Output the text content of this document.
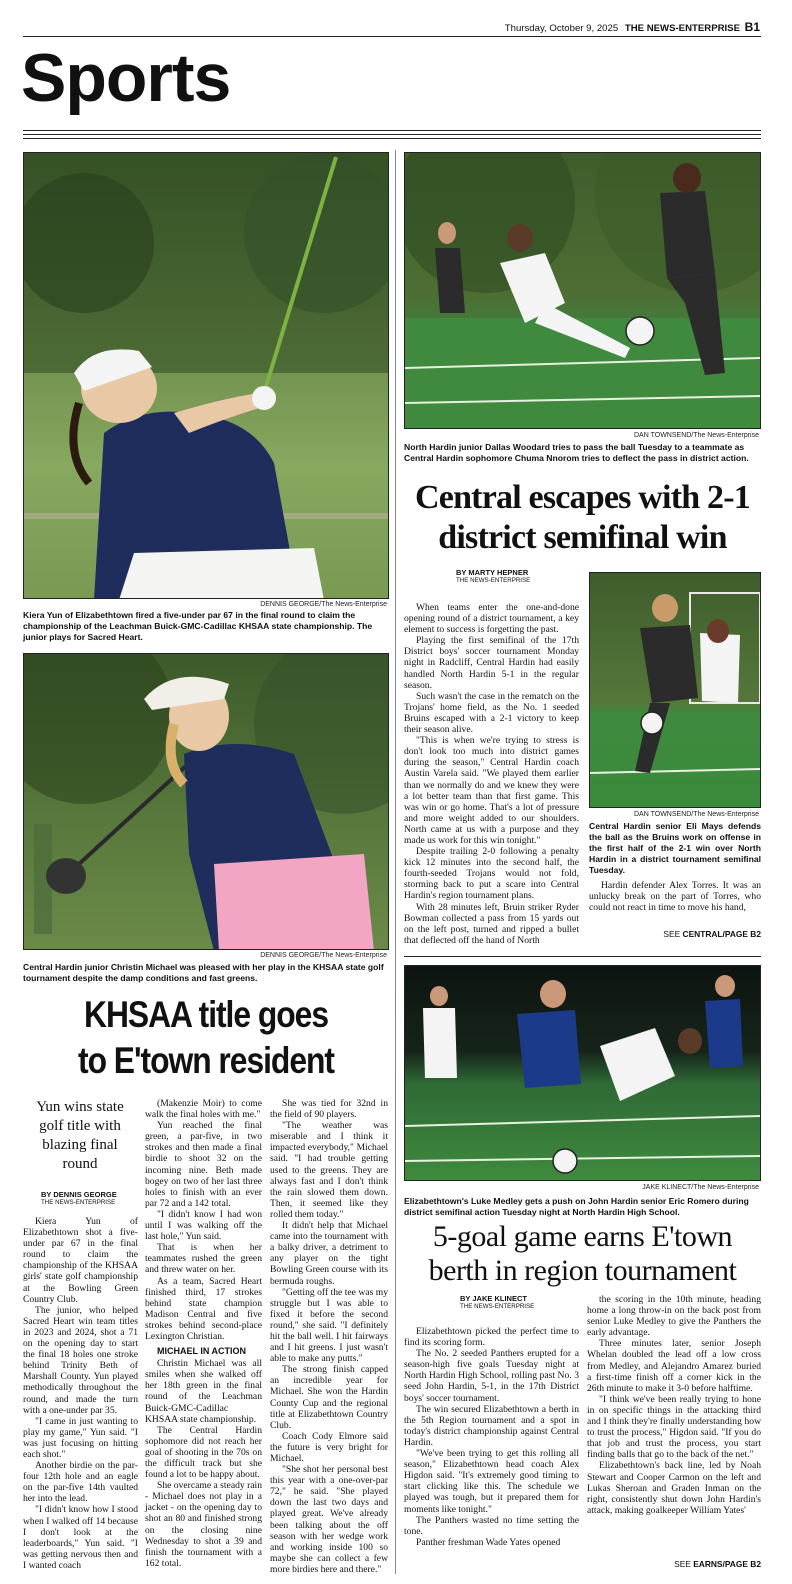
Thursday, October 9, 2025 THE NEWS-ENTERPRISE B1
Sports
DENNIS GEORGE/The News-Enterprise
Kiera Yun of Elizabethtown fired a five-under par 67 in the final round to claim the championship of the Leachman Buick-GMC-Cadillac KHSAA state championship. The junior plays for Sacred Heart.
DENNIS GEORGE/The News-Enterprise
Central Hardin junior Christin Michael was pleased with her play in the KHSAA state golf tournament despite the damp conditions and fast greens.
KHSAA title goes
to E'town resident
Yun wins state golf title with blazing final round
BY DENNIS GEORGE
THE NEWS-ENTERPRISE

Kiera Yun of Elizabethtown shot a five-under par 67 in the final round to claim the championship of the KHSAA girls' state golf championship at the Bowling Green Country Club.

The junior, who helped Sacred Heart win team titles in 2023 and 2024, shot a 71 on the opening day to start the final 18 holes one stroke behind Trinity Beth of Marshall County. Yun played methodically throughout the round, and made the turn with a one-under par 35.

"I came in just wanting to play my game," Yun said. "I was just focusing on hitting each shot."

Another birdie on the par-four 12th hole and an eagle on the par-five 14th vaulted her into the lead.

"I didn't know how I stood when I walked off 14 because I don't look at the leaderboards," Yun said. "I was getting nervous then and I wanted coach

(Makenzie Moir) to come walk the final holes with me."

Yun reached the final green, a par-five, in two strokes and then made a final birdie to shoot 32 on the incoming nine. Beth made bogey on two of her last three holes to finish with an ever par 72 and a 142 total.

"I didn't know I had won until I was walking off the last hole," Yun said.

That is when her teammates rushed the green and threw water on her.

As a team, Sacred Heart finished third, 17 strokes behind state champion Madison Central and five strokes behind second-place Lexington Christian.

MICHAEL IN ACTION

Christin Michael was all smiles when she walked off her 18th green in the final round of the Leachman Buick-GMC-Cadillac KHSAA state championship.

The Central Hardin sophomore did not reach her goal of shooting in the 70s on the difficult track but she found a lot to be happy about.

She overcame a steady rain - Michael does not play in a jacket - on the opening day to shot an 80 and finished strong on the closing nine Wednesday to shot a 39 and finish the tournament with a 162 total.

She was tied for 32nd in the field of 90 players.

"The weather was miserable and I think it impacted everybody," Michael said. "I had trouble getting used to the greens. They are always fast and I don't think the rain slowed them down. Then, it seemed like they rolled them today."

It didn't help that Michael came into the tournament with a balky driver, a detriment to any player on the tight Bowling Green course with its bermuda roughs.

"Getting off the tee was my struggle but I was able to fixed it before the second round," she said. "I definitely hit the ball well. I hit fairways and I hit greens. I just wasn't able to make any putts."

The strong finish capped an incredible year for Michael. She won the Hardin County Cup and the regional title at Elizabethtown Country Club.

Coach Cody Elmore said the future is very bright for Michael.

"She shot her personal best this year with a one-over-par 72," he said. "She played down the last two days and played great. We've already been talking about the off season with her wedge work and working inside 100 so maybe she can collect a few more birdies here and there."

DAN TOWNSEND/The News-Enterprise
North Hardin junior Dallas Woodard tries to pass the ball Tuesday to a teammate as Central Hardin sophomore Chuma Nnorom tries to deflect the pass in district action.
Central escapes with 2-1
district semifinal win
BY MARTY HEPNER
THE NEWS-ENTERPRISE

When teams enter the one-and-done opening round of a district tournament, a key element to success is forgetting the past.

Playing the first semifinal of the 17th District boys' soccer tournament Monday night in Radcliff, Central Hardin had easily handled North Hardin 5-1 in the regular season.

Such wasn't the case in the rematch on the Trojans' home field, as the No. 1 seeded Bruins escaped with a 2-1 victory to keep their season alive.

"This is when we're trying to stress is don't look too much into district games during the season," Central Hardin coach Austin Varela said. "We played them earlier than we normally do and we knew they were a lot better team than that first game. This was win or go home. That's a lot of pressure and more weight added to our shoulders. North came at us with a purpose and they made us work for this win tonight."

Despite trailing 2-0 following a penalty kick 12 minutes into the second half, the fourth-seeded Trojans would not fold, storming back to put a scare into Central Hardin's region tournament plans.

With 28 minutes left, Bruin striker Ryder Bowman collected a pass from 15 yards out on the left post, turned and ripped a bullet that deflected off the hand of North

DAN TOWNSEND/The News-Enterprise
Central Hardin senior Eli Mays defends the ball as the Bruins work on offense in the first half of the 2-1 win over North Hardin in a district tournament semifinal Tuesday.

Hardin defender Alex Torres. It was an unlucky break on the part of Torres, who could not react in time to move his hand,

SEE CENTRAL/PAGE B2
JAKE KLINECT/The News-Enterprise
Elizabethtown's Luke Medley gets a push on John Hardin senior Eric Romero during district semifinal action Tuesday night at North Hardin High School.
5-goal game earns E'town
berth in region tournament
BY JAKE KLINECT
THE NEWS-ENTERPRISE

Elizabethtown picked the perfect time to find its scoring form.

The No. 2 seeded Panthers erupted for a season-high five goals Tuesday night at North Hardin High School, rolling past No. 3 seed John Hardin, 5-1, in the 17th District boys' soccer tournament.

The win secured Elizabethtown a berth in the 5th Region tournament and a spot in today's district championship against Central Hardin.

"We've been trying to get this rolling all season," Elizabethtown head coach Alex Higdon said. "It's extremely good timing to start clicking like this. The schedule we played was tough, but it prepared them for moments like tonight."

The Panthers wasted no time setting the tone.

Panther freshman Wade Yates opened

the scoring in the 10th minute, heading home a long throw-in on the back post from senior Luke Medley to give the Panthers the early advantage.

Three minutes later, senior Joseph Whelan doubled the lead off a low cross from Medley, and Alejandro Amarez buried a first-time finish off a corner kick in the 26th minute to make it 3-0 before halftime.

"I think we've been really trying to hone in on specific things in the attacking third and I think they're finally understanding how to trust the process," Higdon said. "If you do that job and trust the process, you start finding balls that go to the back of the net."

Elizabethtown's back line, led by Noah Stewart and Cooper Carmon on the left and Lukas Sheroan and Graden Inman on the right, consistently shut down John Hardin's attack, making goalkeeper William Yates'

SEE EARNS/PAGE B2
